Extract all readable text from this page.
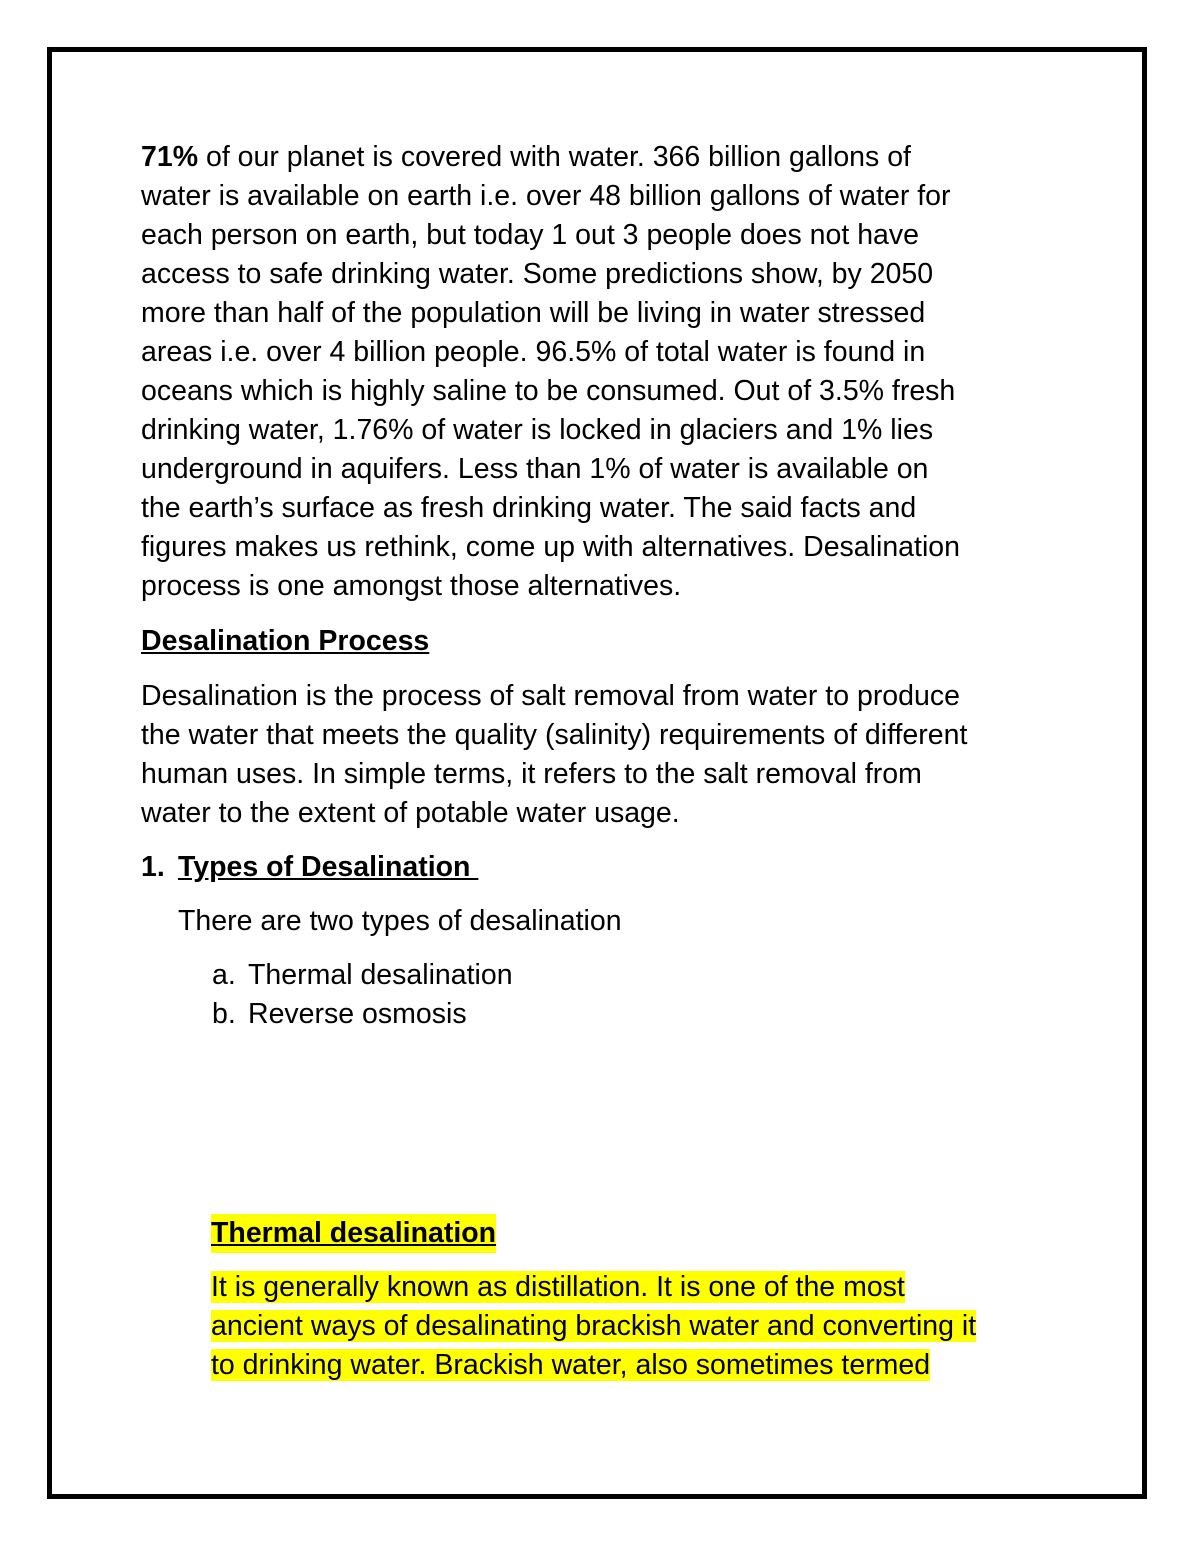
71% of our planet is covered with water. 366 billion gallons of

water is available on earth i.e. over 48 billion gallons of water for

each person on earth, but today 1 out 3 people does not have

access to safe drinking water. Some predictions show, by 2050

more than half of the population will be living in water stressed

areas i.e. over 4 billion people. 96.5% of total water is found in

oceans which is highly saline to be consumed. Out of 3.5% fresh

drinking water, 1.76% of water is locked in glaciers and 1% lies

underground in aquifers. Less than 1% of water is available on

the earth’s surface as fresh drinking water. The said facts and

figures makes us rethink, come up with alternatives. Desalination

process is one amongst those alternatives.

Desalination Process

Desalination is the process of salt removal from water to produce

the water that meets the quality (salinity) requirements of different

human uses. In simple terms, it refers to the salt removal from

water to the extent of potable water usage.

1. Types of Desalination

There are two types of desalination

a. Thermal desalination
b. Reverse osmosis

Thermal desalination

It is generally known as distillation. It is one of the most
ancient ways of desalinating brackish water and converting it
to drinking water. Brackish water, also sometimes termed
